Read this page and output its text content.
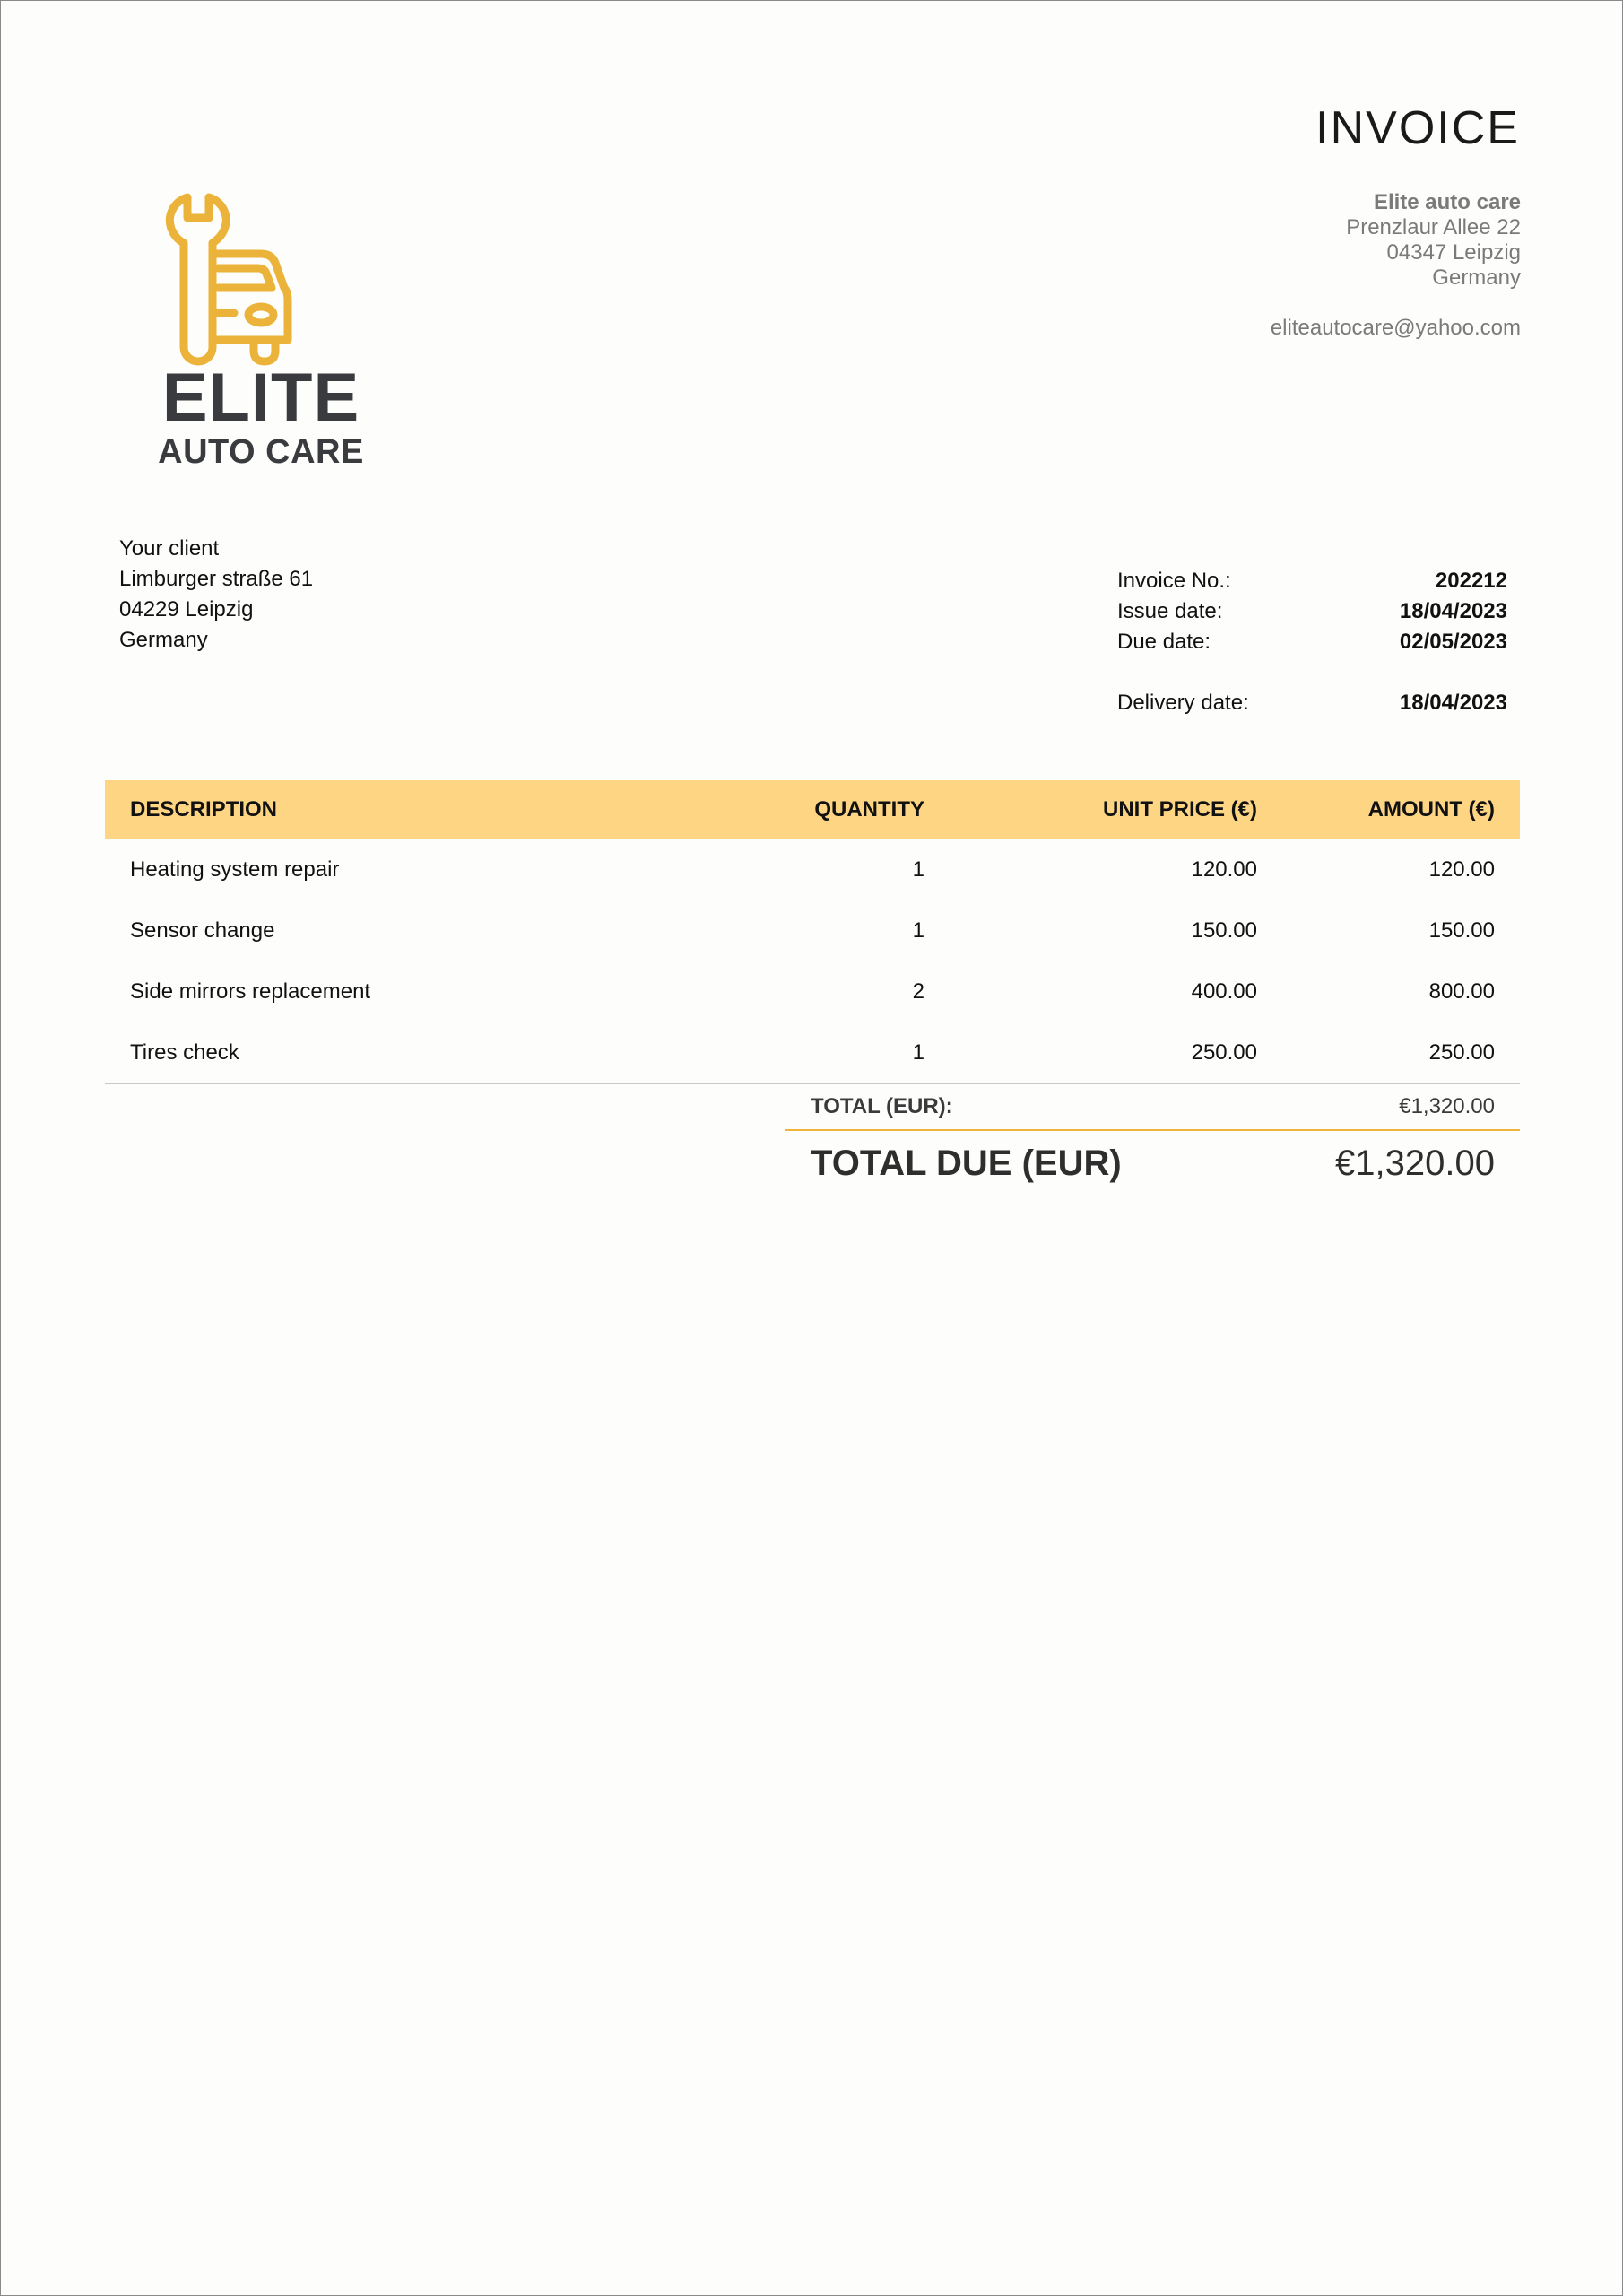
INVOICE
Elite auto care
Prenzlaur Allee 22
04347 Leipzig
Germany
eliteautocare@yahoo.com
ELITE
AUTO CARE
Your client
Limburger straße 61
04229 Leipzig
Germany
Invoice No.:	202212
Issue date:	18/04/2023
Due date:	02/05/2023
Delivery date:	18/04/2023
DESCRIPTION	QUANTITY	UNIT PRICE (€)	AMOUNT (€)
Heating system repair	1	120.00	120.00
Sensor change	1	150.00	150.00
Side mirrors replacement	2	400.00	800.00
Tires check	1	250.00	250.00
TOTAL (EUR):	€1,320.00
TOTAL DUE (EUR)	€1,320.00
